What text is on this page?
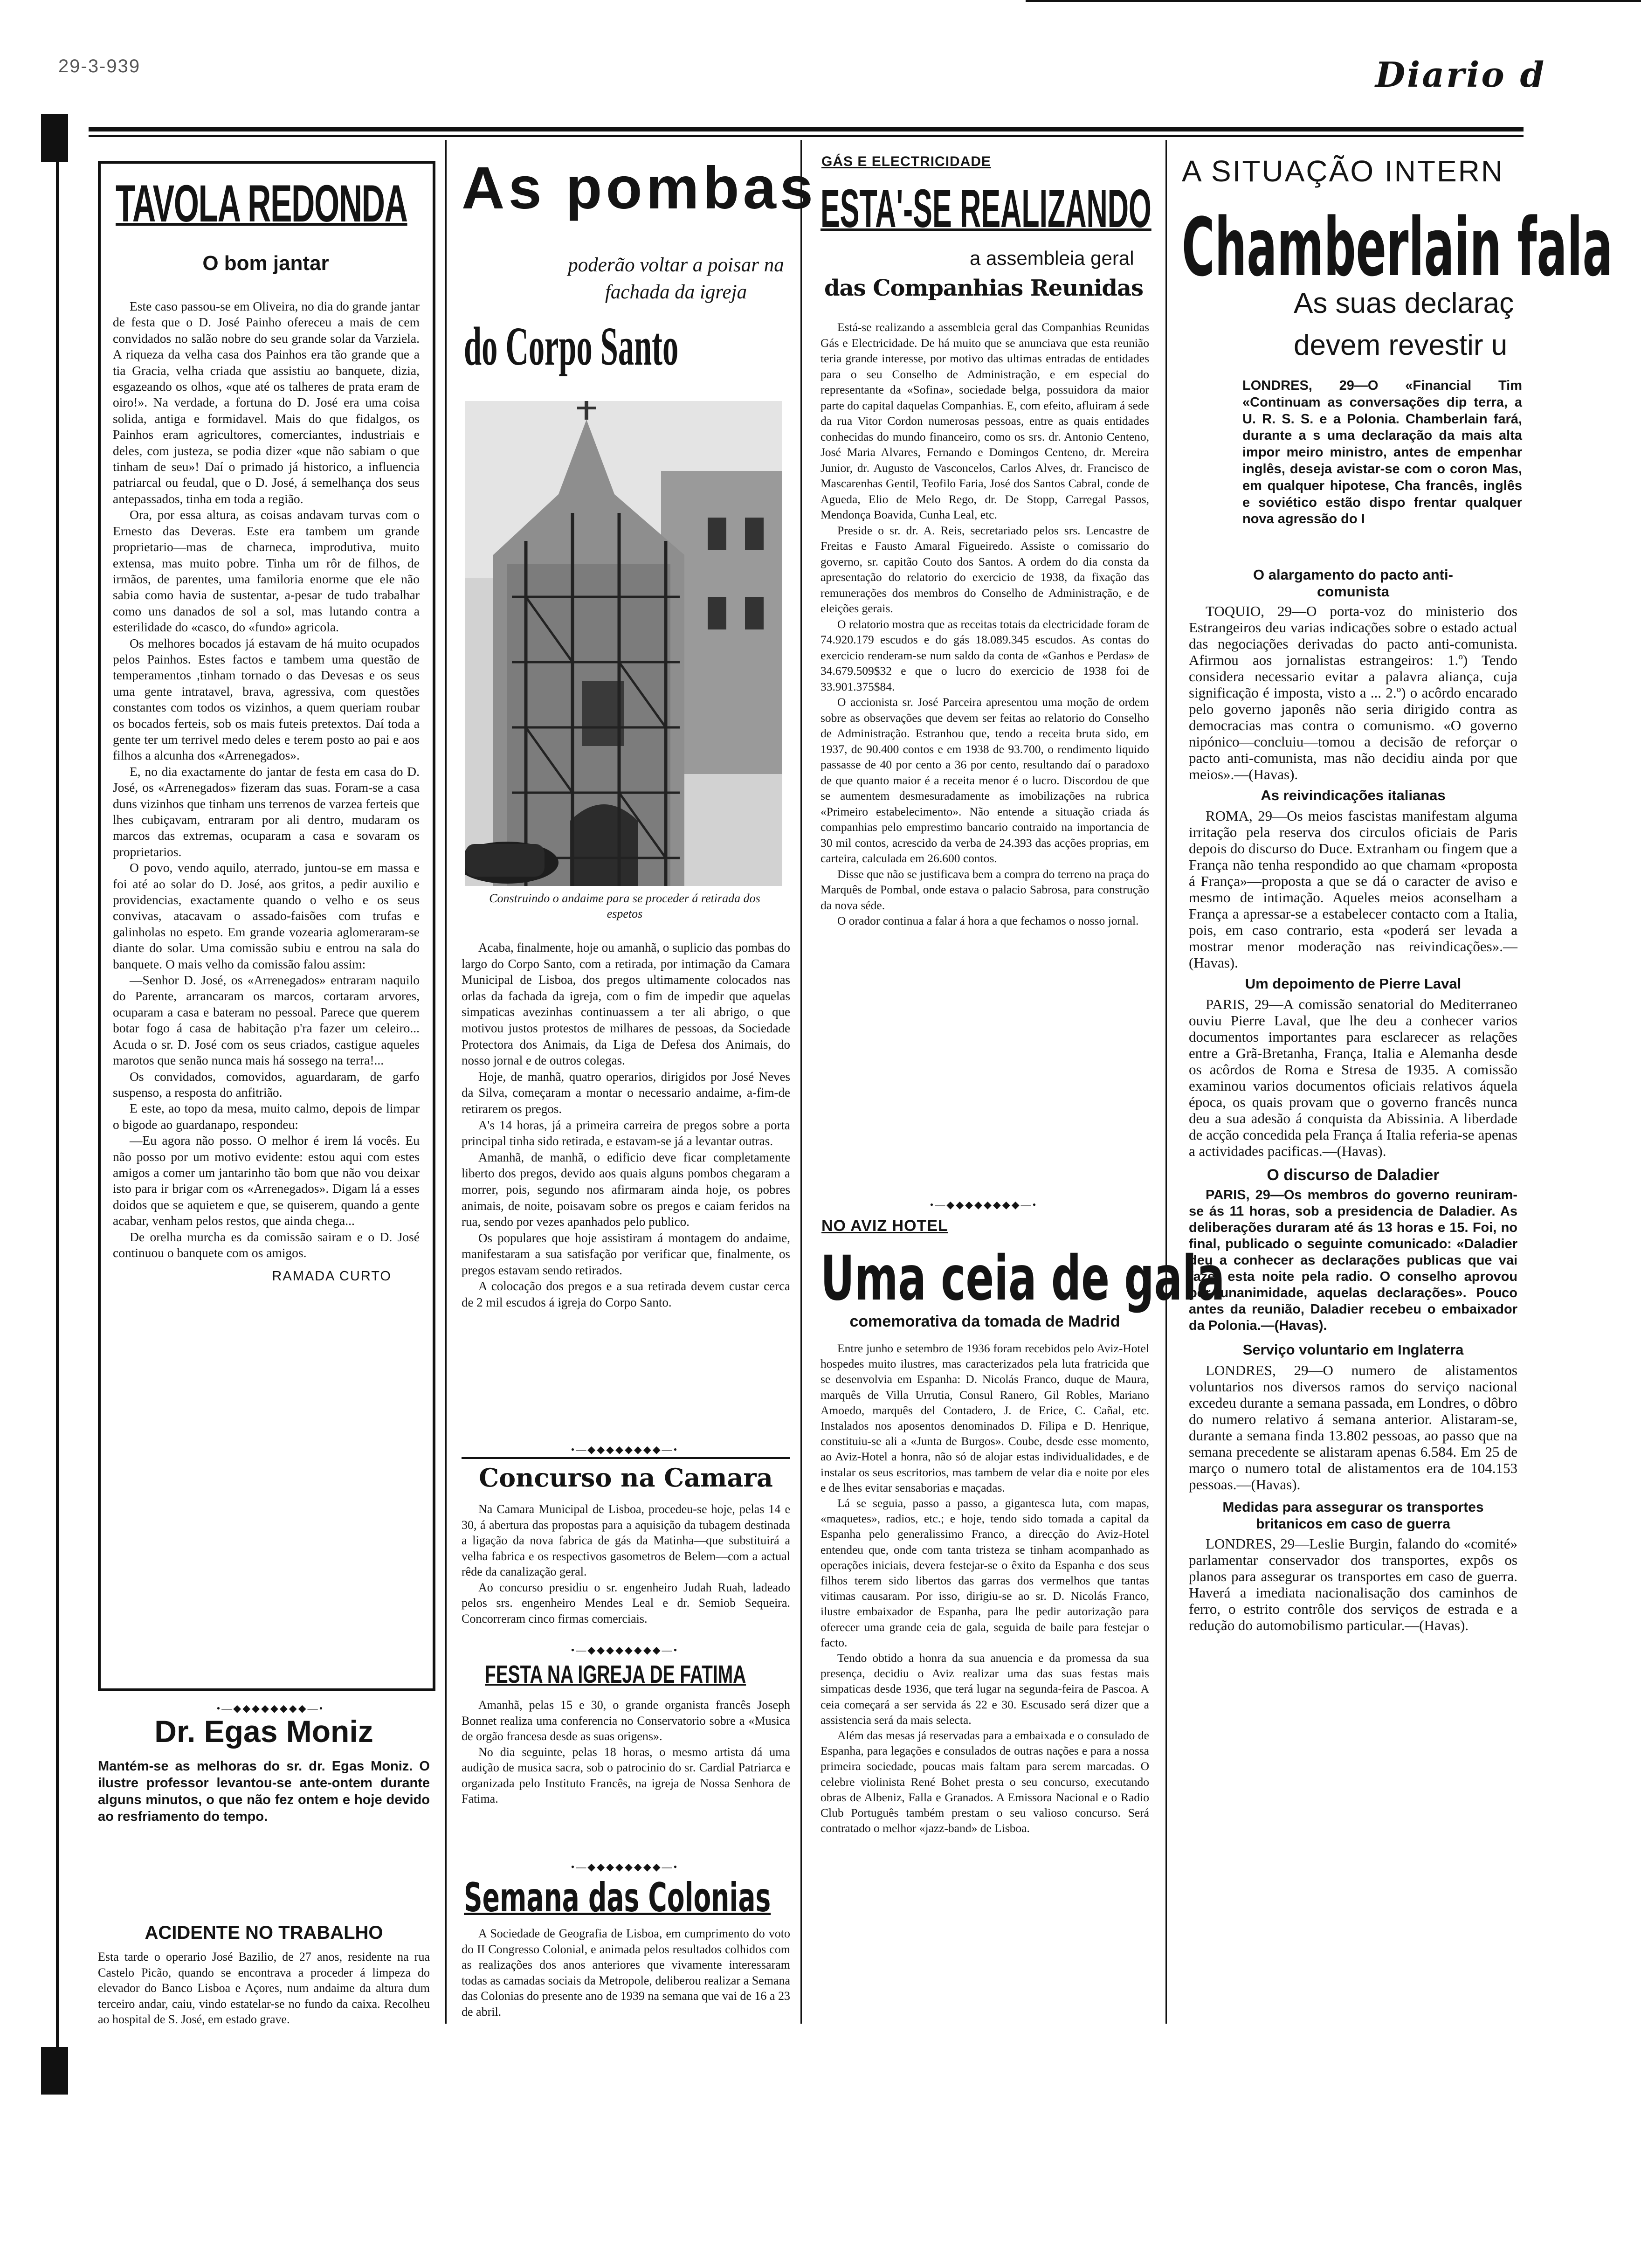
29-3-939	Diario d
TAVOLA REDONDA
O bom jantar

Este caso passou-se em Oliveira, no dia do grande jantar de festa que o D. José Painho ofereceu a mais de cem convidados no salão nobre do seu grande solar da Varziela. A riqueza da velha casa dos Painhos era tão grande que a tia Gracia, velha criada que assistiu ao banquete, dizia, esgazeando os olhos, «que até os talheres de prata eram de oiro!». Na verdade, a fortuna do D. José era uma coisa solida, antiga e formidavel. Mais do que fidalgos, os Painhos eram agricultores, comerciantes, industriais e deles, com justeza, se podia dizer «que não sabiam o que tinham de seu»! Daí o primado já historico, a influencia patriarcal ou feudal, que o D. José, á semelhança dos seus antepassados, tinha em toda a região.

Ora, por essa altura, as coisas andavam turvas com o Ernesto das Deveras. Este era tambem um grande proprietario—mas de charneca, improdutiva, muito extensa, mas muito pobre. Tinha um rôr de filhos, de irmãos, de parentes, uma familoria enorme que ele não sabia como havia de sustentar, a-pesar de tudo trabalhar como uns danados de sol a sol, mas lutando contra a esterilidade do «casco, do «fundo» agricola.

Os melhores bocados já estavam de há muito ocupados pelos Painhos. Estes factos e tambem uma questão de temperamentos ,tinham tornado o das Devesas e os seus uma gente intratavel, brava, agressiva, com questões constantes com todos os vizinhos, a quem queriam roubar os bocados ferteis, sob os mais futeis pretextos. Daí toda a gente ter um terrivel medo deles e terem posto ao pai e aos filhos a alcunha dos «Arrenegados».

E, no dia exactamente do jantar de festa em casa do D. José, os «Arrenegados» fizeram das suas. Foram-se a casa duns vizinhos que tinham uns terrenos de varzea ferteis que lhes cubiçavam, entraram por ali dentro, mudaram os marcos das extremas, ocuparam a casa e sovaram os proprietarios.

O povo, vendo aquilo, aterrado, juntou-se em massa e foi até ao solar do D. José, aos gritos, a pedir auxilio e providencias, exactamente quando o velho e os seus convivas, atacavam o assado-faisões com trufas e galinholas no espeto. Em grande vozearia aglomeraram-se diante do solar. Uma comissão subiu e entrou na sala do banquete. O mais velho da comissão falou assim:

—Senhor D. José, os «Arrenegados» entraram naquilo do Parente, arrancaram os marcos, cortaram arvores, ocuparam a casa e bateram no pessoal. Parece que querem botar fogo á casa de habitação p'ra fazer um celeiro... Acuda o sr. D. José com os seus criados, castigue aqueles marotos que senão nunca mais há sossego na terra!...

Os convidados, comovidos, aguardaram, de garfo suspenso, a resposta do anfitrião.

E este, ao topo da mesa, muito calmo, depois de limpar o bigode ao guardanapo, respondeu:

—Eu agora não posso. O melhor é irem lá vocês. Eu não posso por um motivo evidente: estou aqui com estes amigos a comer um jantarinho tão bom que não vou deixar isto para ir brigar com os «Arrenegados». Digam lá a esses doidos que se aquietem e que, se quiserem, quando a gente acabar, venham pelos restos, que ainda chega...

De orelha murcha es da comissão sairam e o D. José continuou o banquete com os amigos.

RAMADA CURTO
•—◆◆◆◆◆◆◆◆—•
Dr. Egas Moniz
Mantém-se as melhoras do sr. dr. Egas Moniz. O ilustre professor levantou-se ante-ontem durante alguns minutos, o que não fez ontem e hoje devido ao resfriamento do tempo.
ACIDENTE NO TRABALHO
Esta tarde o operario José Bazilio, de 27 anos, residente na rua Castelo Picão, quando se encontrava a proceder á limpeza do elevador do Banco Lisboa e Açores, num andaime da altura dum terceiro andar, caiu, vindo estatelar-se no fundo da caixa. Recolheu ao hospital de S. José, em estado grave.
As pombas
poderão voltar a poisar na fachada da igreja
do Corpo Santo
Construindo o andaime para se proceder á retirada dos espetos

Acaba, finalmente, hoje ou amanhã, o suplicio das pombas do largo do Corpo Santo, com a retirada, por intimação da Camara Municipal de Lisboa, dos pregos ultimamente colocados nas orlas da fachada da igreja, com o fim de impedir que aquelas simpaticas avezinhas continuassem a ter ali abrigo, o que motivou justos protestos de milhares de pessoas, da Sociedade Protectora dos Animais, da Liga de Defesa dos Animais, do nosso jornal e de outros colegas.

Hoje, de manhã, quatro operarios, dirigidos por José Neves da Silva, começaram a montar o necessario andaime, a-fim-de retirarem os pregos.

A's 14 horas, já a primeira carreira de pregos sobre a porta principal tinha sido retirada, e estavam-se já a levantar outras.

Amanhã, de manhã, o edificio deve ficar completamente liberto dos pregos, devido aos quais alguns pombos chegaram a morrer, pois, segundo nos afirmaram ainda hoje, os pobres animais, de noite, poisavam sobre os pregos e caiam feridos na rua, sendo por vezes apanhados pelo publico.

Os populares que hoje assistiram á montagem do andaime, manifestaram a sua satisfação por verificar que, finalmente, os pregos estavam sendo retirados.

A colocação dos pregos e a sua retirada devem custar cerca de 2 mil escudos á igreja do Corpo Santo.

•—◆◆◆◆◆◆◆◆—•
Concurso na Camara

Na Camara Municipal de Lisboa, procedeu-se hoje, pelas 14 e 30, á abertura das propostas para a aquisição da tubagem destinada a ligação da nova fabrica de gás da Matinha—que substituirá a velha fabrica e os respectivos gasometros de Belem—com a actual rêde da canalização geral.

Ao concurso presidiu o sr. engenheiro Judah Ruah, ladeado pelos srs. engenheiro Mendes Leal e dr. Semiob Sequeira. Concorreram cinco firmas comerciais.

•—◆◆◆◆◆◆◆◆—•
FESTA NA IGREJA DE FATIMA

Amanhã, pelas 15 e 30, o grande organista francês Joseph Bonnet realiza uma conferencia no Conservatorio sobre a «Musica de orgão francesa desde as suas origens».

No dia seguinte, pelas 18 horas, o mesmo artista dá uma audição de musica sacra, sob o patrocinio do sr. Cardial Patriarca e organizada pelo Instituto Francês, na igreja de Nossa Senhora de Fatima.

•—◆◆◆◆◆◆◆◆—•
Semana das Colonias

A Sociedade de Geografia de Lisboa, em cumprimento do voto do II Congresso Colonial, e animada pelos resultados colhidos com as realizações dos anos anteriores que vivamente interessaram todas as camadas sociais da Metropole, deliberou realizar a Semana das Colonias do presente ano de 1939 na semana que vai de 16 a 23 de abril.

GÁS E ELECTRICIDADE
ESTA'-SE REALIZANDO
a assembleia geral
das Companhias Reunidas

Está-se realizando a assembleia geral das Companhias Reunidas Gás e Electricidade. De há muito que se anunciava que esta reunião teria grande interesse, por motivo das ultimas entradas de entidades para o seu Conselho de Administração, e em especial do representante da «Sofina», sociedade belga, possuidora da maior parte do capital daquelas Companhias. E, com efeito, afluiram á sede da rua Vitor Cordon numerosas pessoas, entre as quais entidades conhecidas do mundo financeiro, como os srs. dr. Antonio Centeno, José Maria Alvares, Fernando e Domingos Centeno, dr. Mereira Junior, dr. Augusto de Vasconcelos, Carlos Alves, dr. Francisco de Mascarenhas Gentil, Teofilo Faria, José dos Santos Cabral, conde de Agueda, Elio de Melo Rego, dr. De Stopp, Carregal Passos, Mendonça Boavida, Cunha Leal, etc.

Preside o sr. dr. A. Reis, secretariado pelos srs. Lencastre de Freitas e Fausto Amaral Figueiredo. Assiste o comissario do governo, sr. capitão Couto dos Santos. A ordem do dia consta da apresentação do relatorio do exercicio de 1938, da fixação das remunerações dos membros do Conselho de Administração, e de eleições gerais.

O relatorio mostra que as receitas totais da electricidade foram de 74.920.179 escudos e do gás 18.089.345 escudos. As contas do exercicio renderam-se num saldo da conta de «Ganhos e Perdas» de 34.679.509$32 e que o lucro do exercicio de 1938 foi de 33.901.375$84.

O accionista sr. José Parceira apresentou uma moção de ordem sobre as observações que devem ser feitas ao relatorio do Conselho de Administração. Estranhou que, tendo a receita bruta sido, em 1937, de 90.400 contos e em 1938 de 93.700, o rendimento liquido passasse de 40 por cento a 36 por cento, resultando daí o paradoxo de que quanto maior é a receita menor é o lucro. Discordou de que se aumentem desmesuradamente as imobilizações na rubrica «Primeiro estabelecimento». Não entende a situação criada ás companhias pelo emprestimo bancario contraido na importancia de 30 mil contos, acrescido da verba de 24.393 das acções proprias, em carteira, calculada em 26.600 contos.

Disse que não se justificava bem a compra do terreno na praça do Marquês de Pombal, onde estava o palacio Sabrosa, para construção da nova séde.

O orador continua a falar á hora a que fechamos o nosso jornal.

•—◆◆◆◆◆◆◆◆—•
NO AVIZ HOTEL
Uma ceia de gala
comemorativa da tomada de Madrid

Entre junho e setembro de 1936 foram recebidos pelo Aviz-Hotel hospedes muito ilustres, mas caracterizados pela luta fratricida que se desenvolvia em Espanha: D. Nicolás Franco, duque de Maura, marquês de Villa Urrutia, Consul Ranero, Gil Robles, Mariano Amoedo, marquês del Contadero, J. de Erice, C. Cañal, etc. Instalados nos aposentos denominados D. Filipa e D. Henrique, constituiu-se ali a «Junta de Burgos». Coube, desde esse momento, ao Aviz-Hotel a honra, não só de alojar estas individualidades, e de instalar os seus escritorios, mas tambem de velar dia e noite por eles e de lhes evitar sensaborias e maçadas.

Lá se seguia, passo a passo, a gigantesca luta, com mapas, «maquetes», radios, etc.; e hoje, tendo sido tomada a capital da Espanha pelo generalissimo Franco, a direcção do Aviz-Hotel entendeu que, onde com tanta tristeza se tinham acompanhado as operações iniciais, devera festejar-se o êxito da Espanha e dos seus filhos terem sido libertos das garras dos vermelhos que tantas vitimas causaram. Por isso, dirigiu-se ao sr. D. Nicolás Franco, ilustre embaixador de Espanha, para lhe pedir autorização para oferecer uma grande ceia de gala, seguida de baile para festejar o facto.

Tendo obtido a honra da sua anuencia e da promessa da sua presença, decidiu o Aviz realizar uma das suas festas mais simpaticas desde 1936, que terá lugar na segunda-feira de Pascoa. A ceia começará a ser servida ás 22 e 30. Escusado será dizer que a assistencia será da mais selecta.

Além das mesas já reservadas para a embaixada e o consulado de Espanha, para legações e consulados de outras nações e para a nossa primeira sociedade, poucas mais faltam para serem marcadas. O celebre violinista René Bohet presta o seu concurso, executando obras de Albeniz, Falla e Granados. A Emissora Nacional e o Radio Club Português também prestam o seu valioso concurso. Será contratado o melhor «jazz-band» de Lisboa.

A SITUAÇÃO INTERN
Chamberlain fala
As suas declaraç
devem revestir u
LONDRES, 29—O «Financial Tim «Continuam as conversações dip terra, a U. R. S. S. e a Polonia. Chamberlain fará, durante a s uma declaração da mais alta impor meiro ministro, antes de empenhar inglês, deseja avistar-se com o coron Mas, em qualquer hipotese, Cha francês, inglês e soviético estão dispo frentar qualquer nova agressão do I
O alargamento do pacto anti-comunista

TOQUIO, 29—O porta-voz do ministerio dos Estrangeiros deu varias indicações sobre o estado actual das negociações derivadas do pacto anti-comunista. Afirmou aos jornalistas estrangeiros: 1.º) Tendo considera necessario evitar a palavra aliança, cuja significação é imposta, visto a ... 2.º) o acôrdo encarado pelo governo japonês não seria dirigido contra as democracias mas contra o comunismo. «O governo nipónico—concluiu—tomou a decisão de reforçar o pacto anti-comunista, mas não decidiu ainda por que meios».—(Havas).

As reivindicações italianas

ROMA, 29—Os meios fascistas manifestam alguma irritação pela reserva dos circulos oficiais de Paris depois do discurso do Duce. Extranham ou fingem que a França não tenha respondido ao que chamam «proposta á França»—proposta a que se dá o caracter de aviso e mesmo de intimação. Aqueles meios aconselham a França a apressar-se a estabelecer contacto com a Italia, pois, em caso contrario, esta «poderá ser levada a mostrar menor moderação nas reivindicações».—(Havas).

Um depoimento de Pierre Laval

PARIS, 29—A comissão senatorial do Mediterraneo ouviu Pierre Laval, que lhe deu a conhecer varios documentos importantes para esclarecer as relações entre a Grã-Bretanha, França, Italia e Alemanha desde os acôrdos de Roma e Stresa de 1935. A comissão examinou varios documentos oficiais relativos áquela época, os quais provam que o governo francês nunca deu a sua adesão á conquista da Abissinia. A liberdade de acção concedida pela França á Italia referia-se apenas a actividades pacificas.—(Havas).

O discurso de Daladier

PARIS, 29—Os membros do governo reuniram-se ás 11 horas, sob a presidencia de Daladier. As deliberações duraram até ás 13 horas e 15. Foi, no final, publicado o seguinte comunicado: «Daladier deu a conhecer as declarações publicas que vai fazer esta noite pela radio. O conselho aprovou por unanimidade, aquelas declarações». Pouco antes da reunião, Daladier recebeu o embaixador da Polonia.—(Havas).

Serviço voluntario em Inglaterra

LONDRES, 29—O numero de alistamentos voluntarios nos diversos ramos do serviço nacional excedeu durante a semana passada, em Londres, o dôbro do numero relativo á semana anterior. Alistaram-se, durante a semana finda 13.802 pessoas, ao passo que na semana precedente se alistaram apenas 6.584. Em 25 de março o numero total de alistamentos era de 104.153 pessoas.—(Havas).

Medidas para assegurar os transportes britanicos em caso de guerra

LONDRES, 29—Leslie Burgin, falando do «comité» parlamentar conservador dos transportes, expôs os planos para assegurar os transportes em caso de guerra. Haverá a imediata nacionalisação dos caminhos de ferro, o estrito contrôle dos serviços de estrada e a redução do automobilismo particular.—(Havas).
